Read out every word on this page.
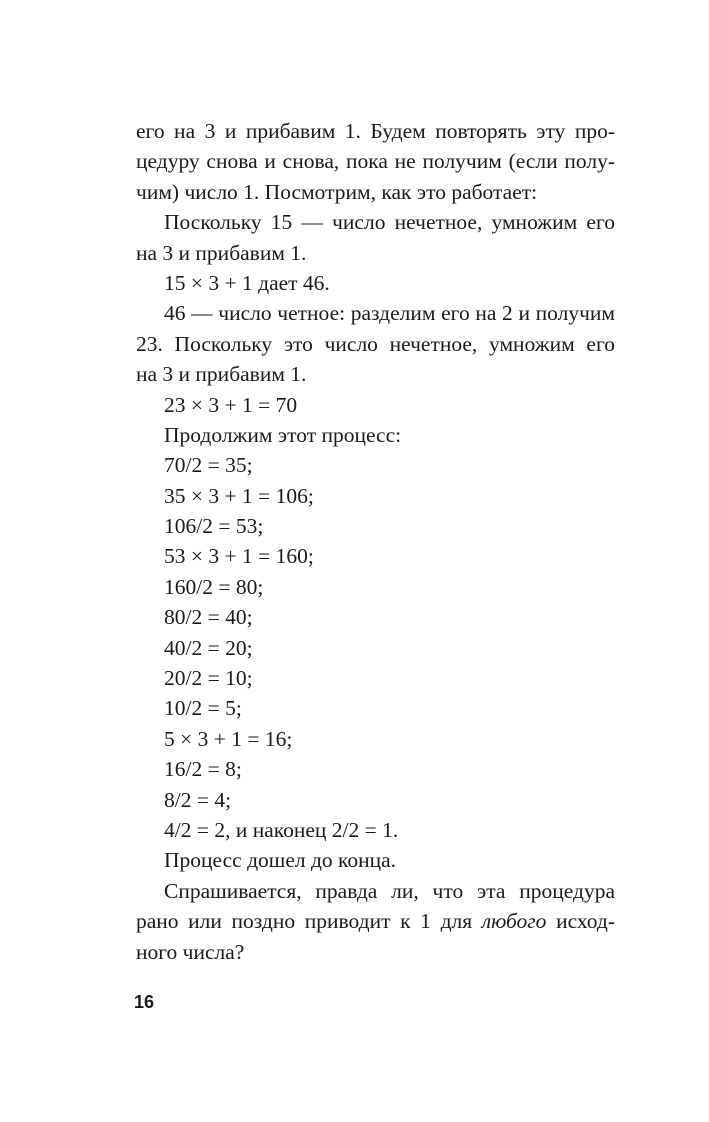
его на 3 и прибавим 1. Будем повторять эту про-
цедуру снова и снова, пока не получим (если полу-
чим) число 1. Посмотрим, как это работает:
Поскольку 15 — число нечетное, умножим его
на 3 и прибавим 1.
15 × 3 + 1 дает 46.
46 — число четное: разделим его на 2 и получим
23. Поскольку это число нечетное, умножим его
на 3 и прибавим 1.
23 × 3 + 1 = 70
Продолжим этот процесс:
70/2 = 35;
35 × 3 + 1 = 106;
106/2 = 53;
53 × 3 + 1 = 160;
160/2 = 80;
80/2 = 40;
40/2 = 20;
20/2 = 10;
10/2 = 5;
5 × 3 + 1 = 16;
16/2 = 8;
8/2 = 4;
4/2 = 2, и наконец 2/2 = 1.
Процесс дошел до конца.
Спрашивается, правда ли, что эта процедура
рано или поздно приводит к 1 для любого исход-
ного числа?
16
